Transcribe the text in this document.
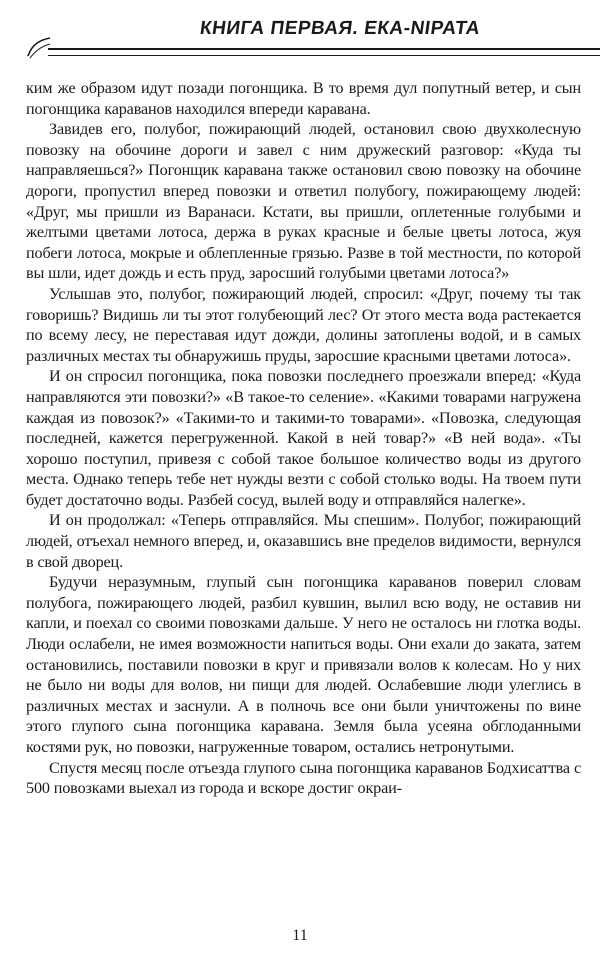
КНИГА ПЕРВАЯ. ЕКА-NIPATA

ким же образом идут позади погонщика. В то время дул попутный ветер, и сын погонщика караванов находился впереди каравана.

Завидев его, полубог, пожирающий людей, остановил свою двухколесную повозку на обочине дороги и завел с ним дружеский разговор: «Куда ты направляешься?» Погонщик каравана также остановил свою повозку на обочине дороги, пропустил вперед повозки и ответил полубогу, пожирающему людей: «Друг, мы пришли из Варанаси. Кстати, вы пришли, оплетенные голубыми и желтыми цветами лотоса, держа в руках красные и белые цветы лотоса, жуя побеги лотоса, мокрые и облепленные грязью. Разве в той местности, по которой вы шли, идет дождь и есть пруд, заросший голубыми цветами лотоса?»

Услышав это, полубог, пожирающий людей, спросил: «Друг, почему ты так говоришь? Видишь ли ты этот голубеющий лес? От этого места вода растекается по всему лесу, не переставая идут дожди, долины затоплены водой, и в самых различных местах ты обнаружишь пруды, заросшие красными цветами лотоса».

И он спросил погонщика, пока повозки последнего проезжали вперед: «Куда направляются эти повозки?» «В такое-то селение». «Какими товарами нагружена каждая из повозок?» «Такими-то и такими-то товарами». «Повозка, следующая последней, кажется перегруженной. Какой в ней товар?» «В ней вода». «Ты хорошо поступил, привезя с собой такое большое количество воды из другого места. Однако теперь тебе нет нужды везти с собой столько воды. На твоем пути будет достаточно воды. Разбей сосуд, вылей воду и отправляйся налегке».

И он продолжал: «Теперь отправляйся. Мы спешим». Полубог, пожирающий людей, отъехал немного вперед, и, оказавшись вне пределов видимости, вернулся в свой дворец.

Будучи неразумным, глупый сын погонщика караванов поверил словам полубога, пожирающего людей, разбил кувшин, вылил всю воду, не оставив ни капли, и поехал со своими повозками дальше. У него не осталось ни глотка воды. Люди ослабели, не имея возможности напиться воды. Они ехали до заката, затем остановились, поставили повозки в круг и привязали волов к колесам. Но у них не было ни воды для волов, ни пищи для людей. Ослабевшие люди улеглись в различных местах и заснули. А в полночь все они были уничтожены по вине этого глупого сына погонщика каравана. Земля была усеяна обглоданными костями рук, но повозки, нагруженные товаром, остались нетронутыми.

Спустя месяц после отъезда глупого сына погонщика караванов Бодхисаттва с 500 повозками выехал из города и вскоре достиг окраи-

11
